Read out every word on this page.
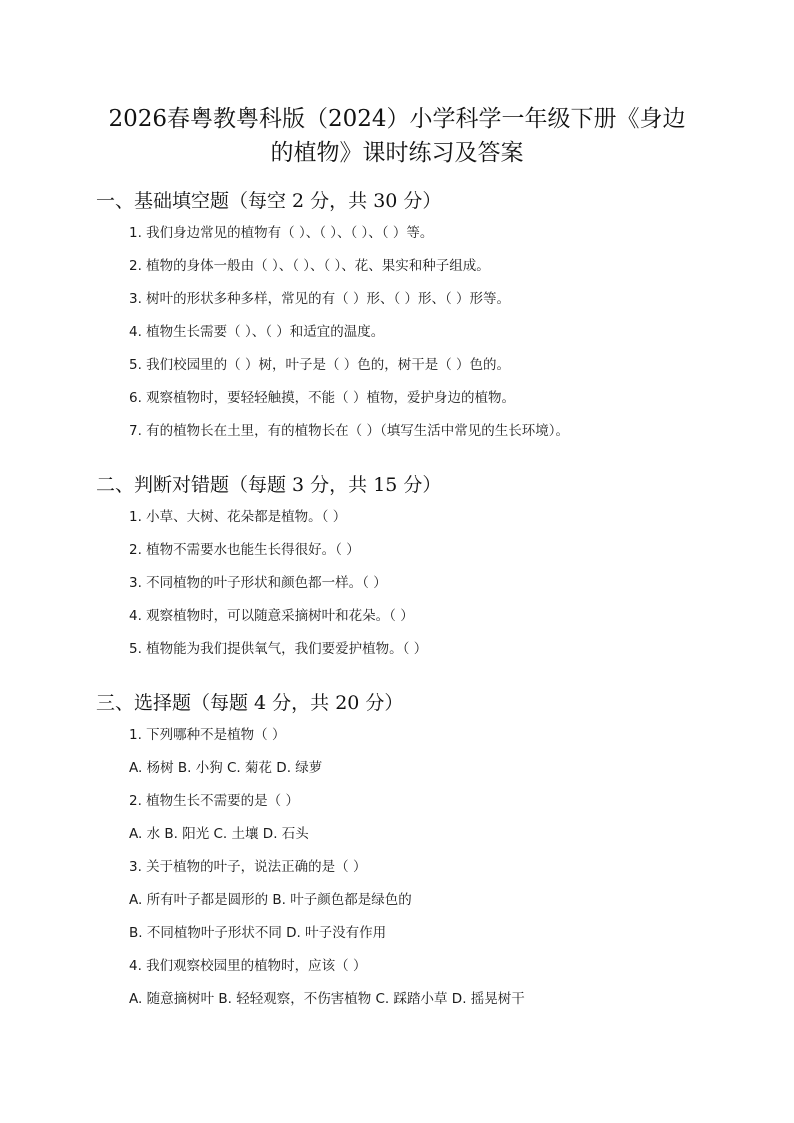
2026春粤教粤科版（2024）小学科学一年级下册《身边
的植物》课时练习及答案
一、基础填空题（每空 2 分，共 30 分）
1. 我们身边常见的植物有（ ）、（ ）、（ ）、（ ）等。
2. 植物的身体一般由（ ）、（ ）、（ ）、花、果实和种子组成。
3. 树叶的形状多种多样，常见的有（ ）形、（ ）形、（ ）形等。
4. 植物生长需要（ ）、（ ）和适宜的温度。
5. 我们校园里的（ ）树，叶子是（ ）色的，树干是（ ）色的。
6. 观察植物时，要轻轻触摸，不能（ ）植物，爱护身边的植物。
7. 有的植物长在土里，有的植物长在（ ）（填写生活中常见的生长环境）。
二、判断对错题（每题 3 分，共 15 分）
1. 小草、大树、花朵都是植物。（ ）
2. 植物不需要水也能生长得很好。（ ）
3. 不同植物的叶子形状和颜色都一样。（ ）
4. 观察植物时，可以随意采摘树叶和花朵。（ ）
5. 植物能为我们提供氧气，我们要爱护植物。（ ）
三、选择题（每题 4 分，共 20 分）
1. 下列哪种不是植物（ ）
A. 杨树 B. 小狗 C. 菊花 D. 绿萝
2. 植物生长不需要的是（ ）
A. 水 B. 阳光 C. 土壤 D. 石头
3. 关于植物的叶子，说法正确的是（ ）
A. 所有叶子都是圆形的 B. 叶子颜色都是绿色的
B. 不同植物叶子形状不同 D. 叶子没有作用
4. 我们观察校园里的植物时，应该（ ）
A. 随意摘树叶 B. 轻轻观察，不伤害植物 C. 踩踏小草 D. 摇晃树干
